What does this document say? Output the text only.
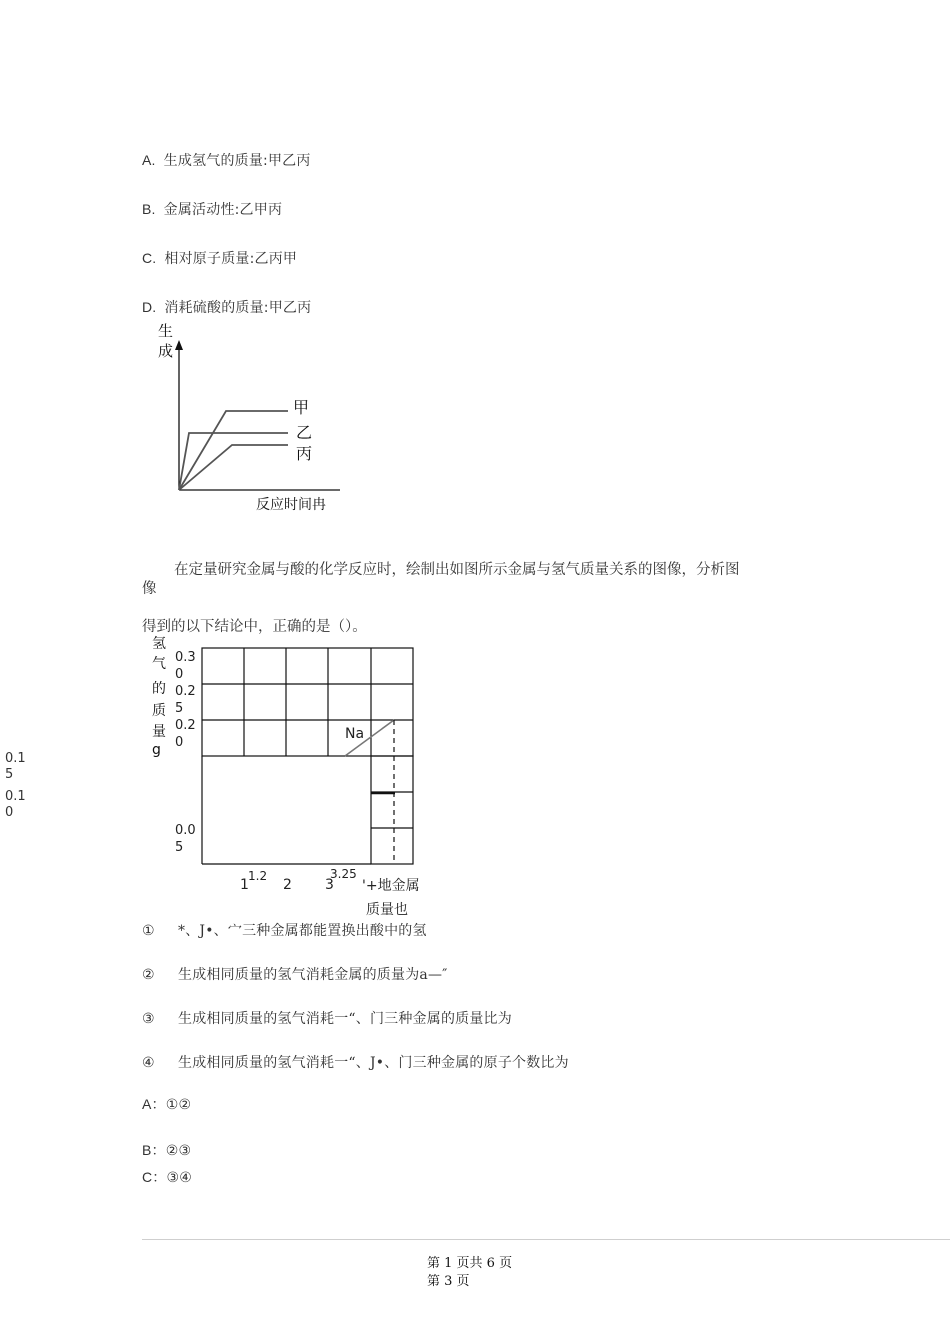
A. 生成氢气的质量:甲乙丙
B. 金属活动性:乙甲丙
C. 相对原子质量:乙丙甲
D. 消耗硫酸的质量:甲乙丙
生
成
甲
乙
丙
反应时间冉
在定量研究金属与酸的化学反应时，绘制出如图所示金属与氢气质量关系的图像，分析图
像
得到的以下结论中，正确的是（）。
Na
氢
气
的
质
量
g
0.3
0
0.2
5
0.2
0
0.0
5
1 2 3
1.2	3.25
'+地金属
质量也
0.1
5
0.1
0
① *、J•、宀三种金属都能置换出酸中的氢
② 生成相同质量的氢气消耗金属的质量为a—″
③ 生成相同质量的氢气消耗一“、门三种金属的质量比为
④ 生成相同质量的氢气消耗一“、J•、门三种金属的原子个数比为
A：①②
B：②③
C：③④
第 1 页共 6 页
第 3 页
